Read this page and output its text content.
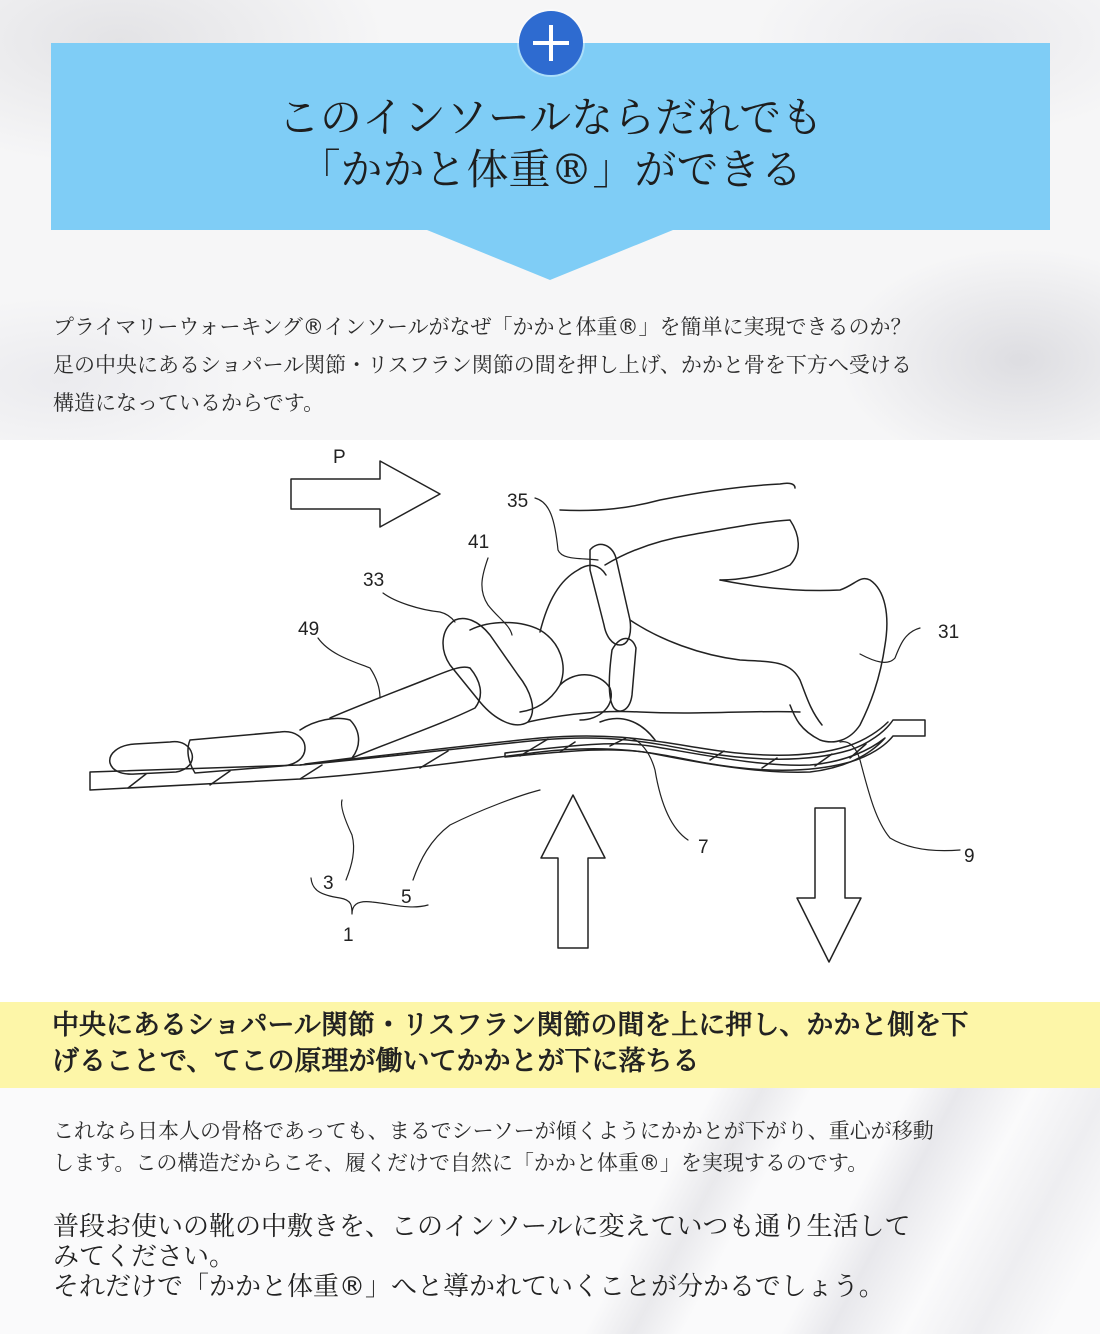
このインソールならだれでも
「かかと体重®」ができる
プライマリーウォーキング®インソールがなぜ「かかと体重®」を簡単に実現できるのか？
足の中央にあるショパール関節・リスフラン関節の間を押し上げ、かかと骨を下方へ受ける
構造になっているからです。
P
35
41
33
49	31
7	9
3
5
1
中央にあるショパール関節・リスフラン関節の間を上に押し、かかと側を下
げることで、てこの原理が働いてかかとが下に落ちる
これなら日本人の骨格であっても、まるでシーソーが傾くようにかかとが下がり、重心が移動
します。この構造だからこそ、履くだけで自然に「かかと体重®」を実現するのです。
普段お使いの靴の中敷きを、このインソールに変えていつも通り生活して
みてください。
それだけで「かかと体重®」へと導かれていくことが分かるでしょう。
